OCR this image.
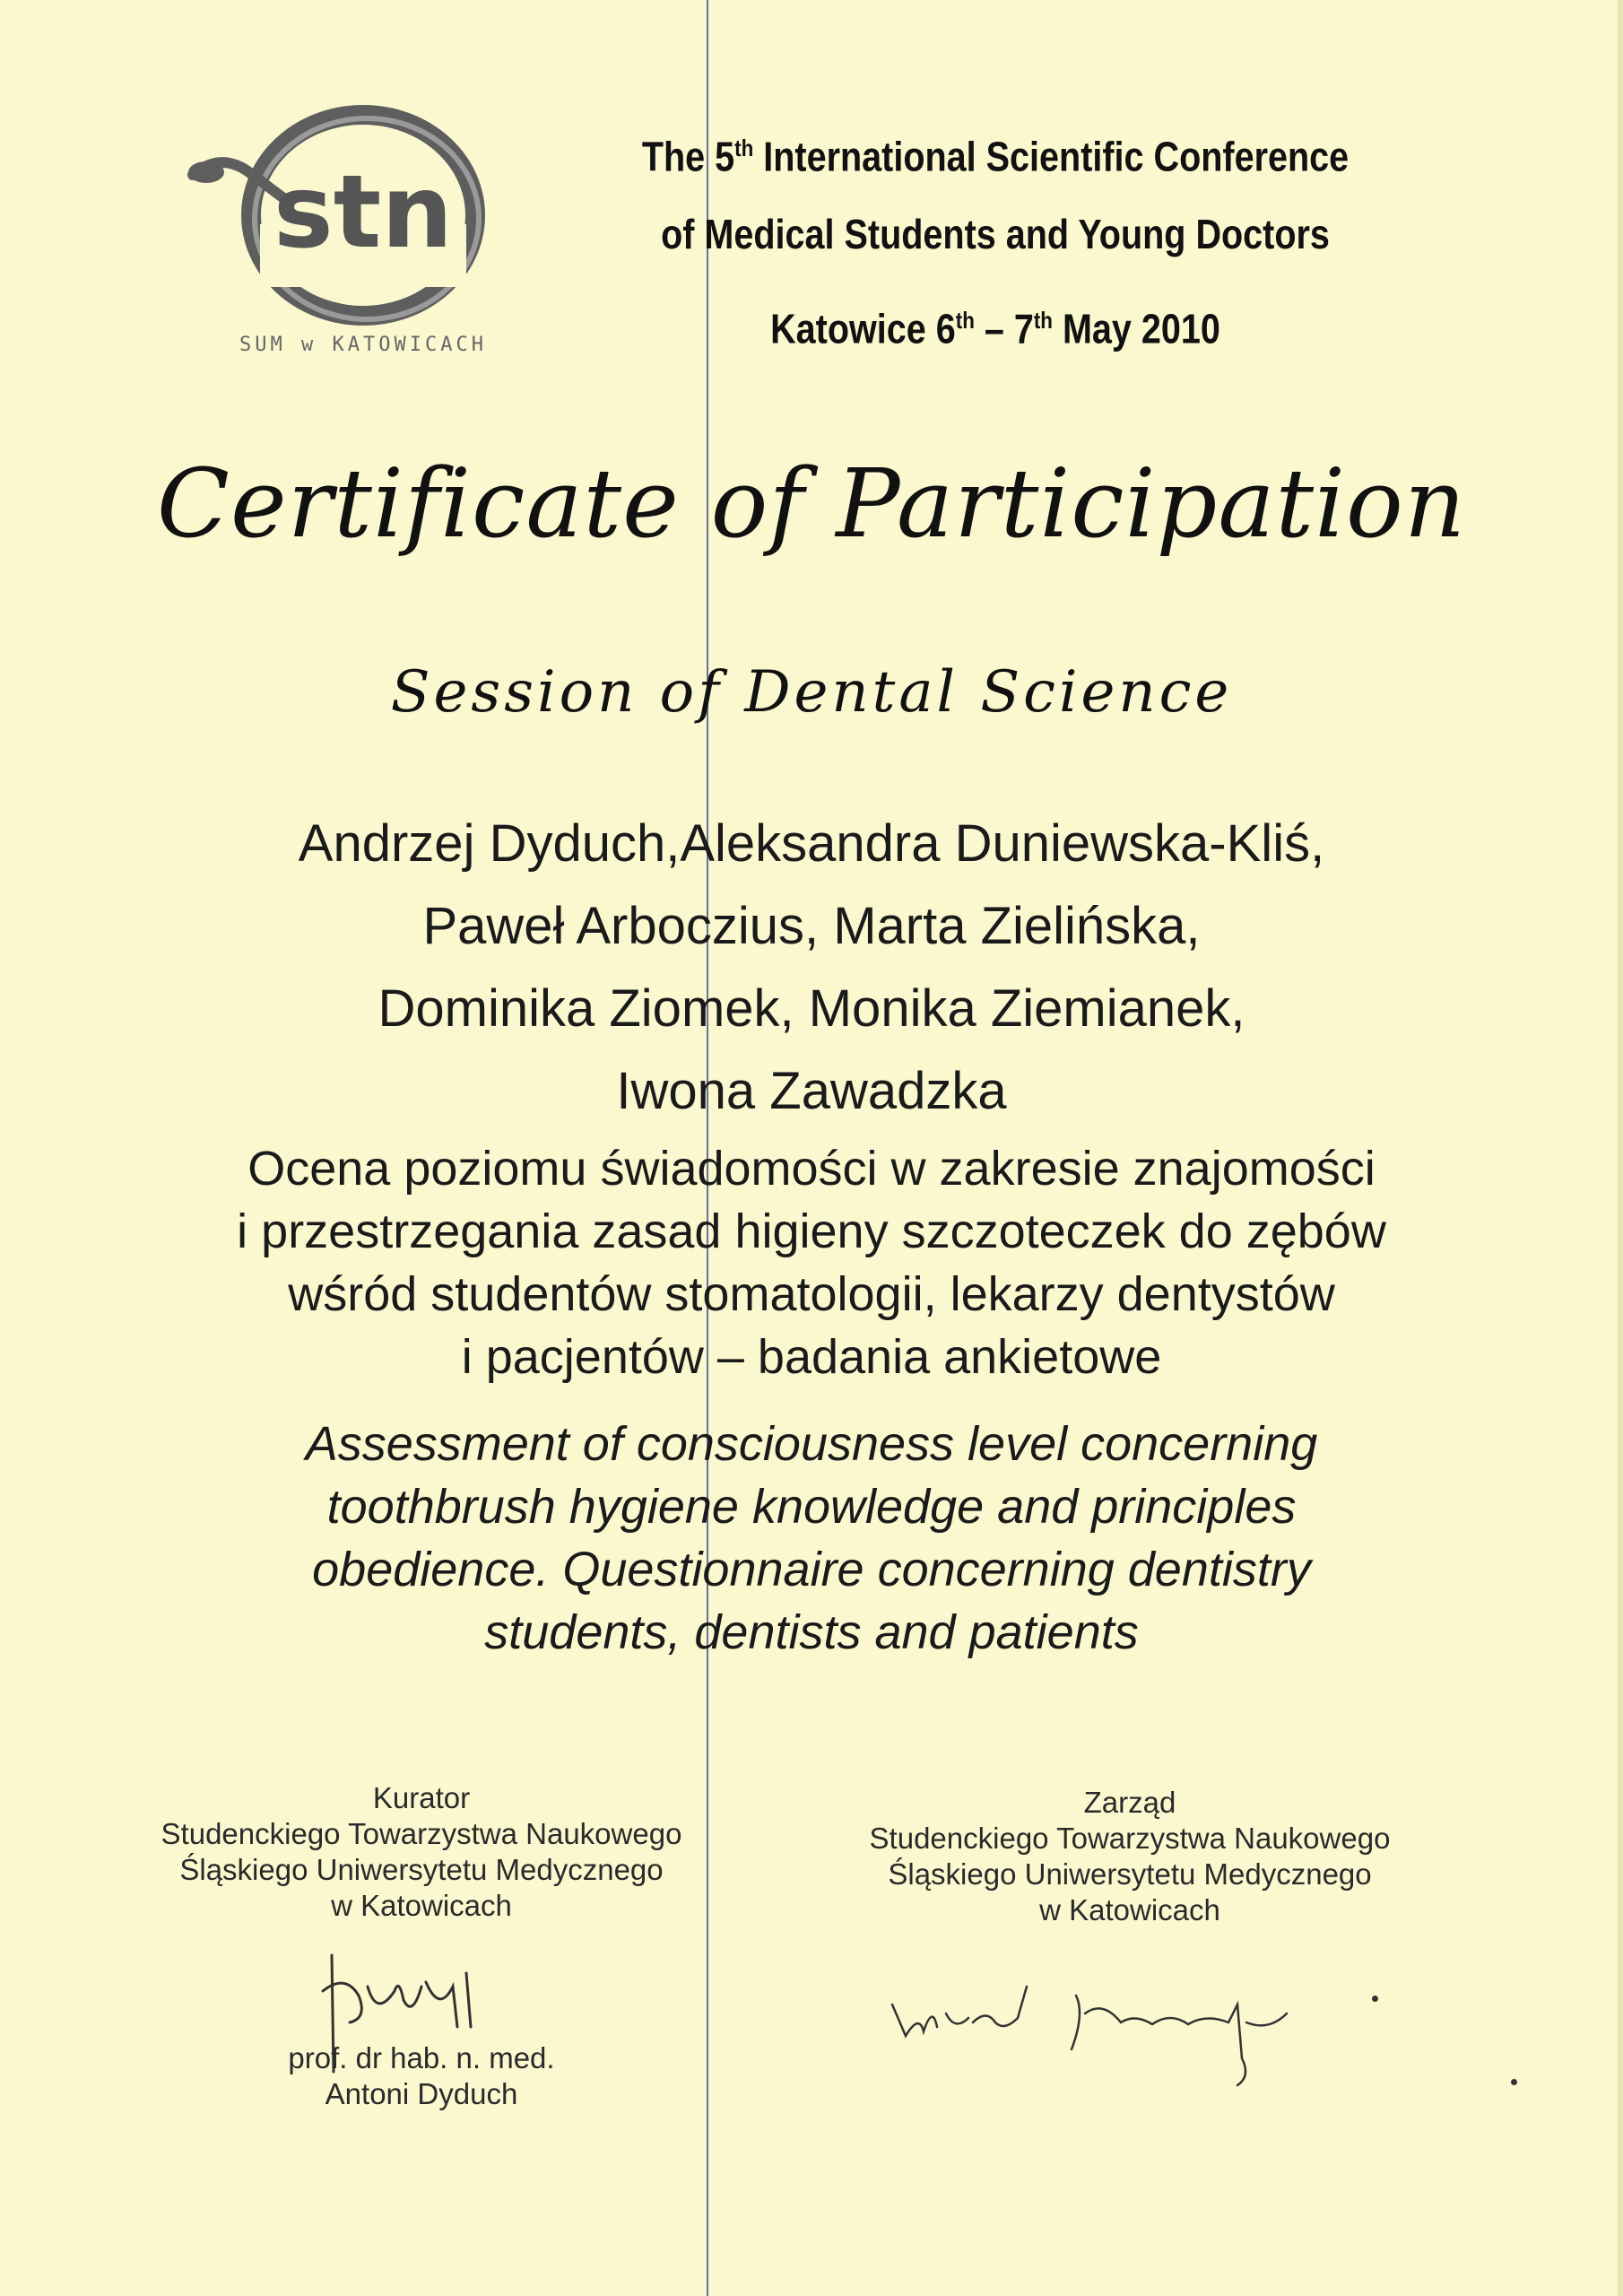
stn
SUM w KATOWICACH
The 5th International Scientific Conference
of Medical Students and Young Doctors
Katowice 6th – 7th May 2010
Certificate of Participation
Session of Dental Science
Andrzej Dyduch,Aleksandra Duniewska-Kliś,
Paweł Arboczius, Marta Zielińska,
Dominika Ziomek, Monika Ziemianek,
Iwona Zawadzka
Ocena poziomu świadomości w zakresie znajomości
i przestrzegania zasad higieny szczoteczek do zębów
wśród studentów stomatologii, lekarzy dentystów
i pacjentów – badania ankietowe
Assessment of consciousness level concerning
toothbrush hygiene knowledge and principles
obedience. Questionnaire concerning dentistry
students, dentists and patients
Kurator
Studenckiego Towarzystwa Naukowego
Śląskiego Uniwersytetu Medycznego
w Katowicach
prof. dr hab. n. med.
Antoni Dyduch
Zarząd
Studenckiego Towarzystwa Naukowego
Śląskiego Uniwersytetu Medycznego
w Katowicach
